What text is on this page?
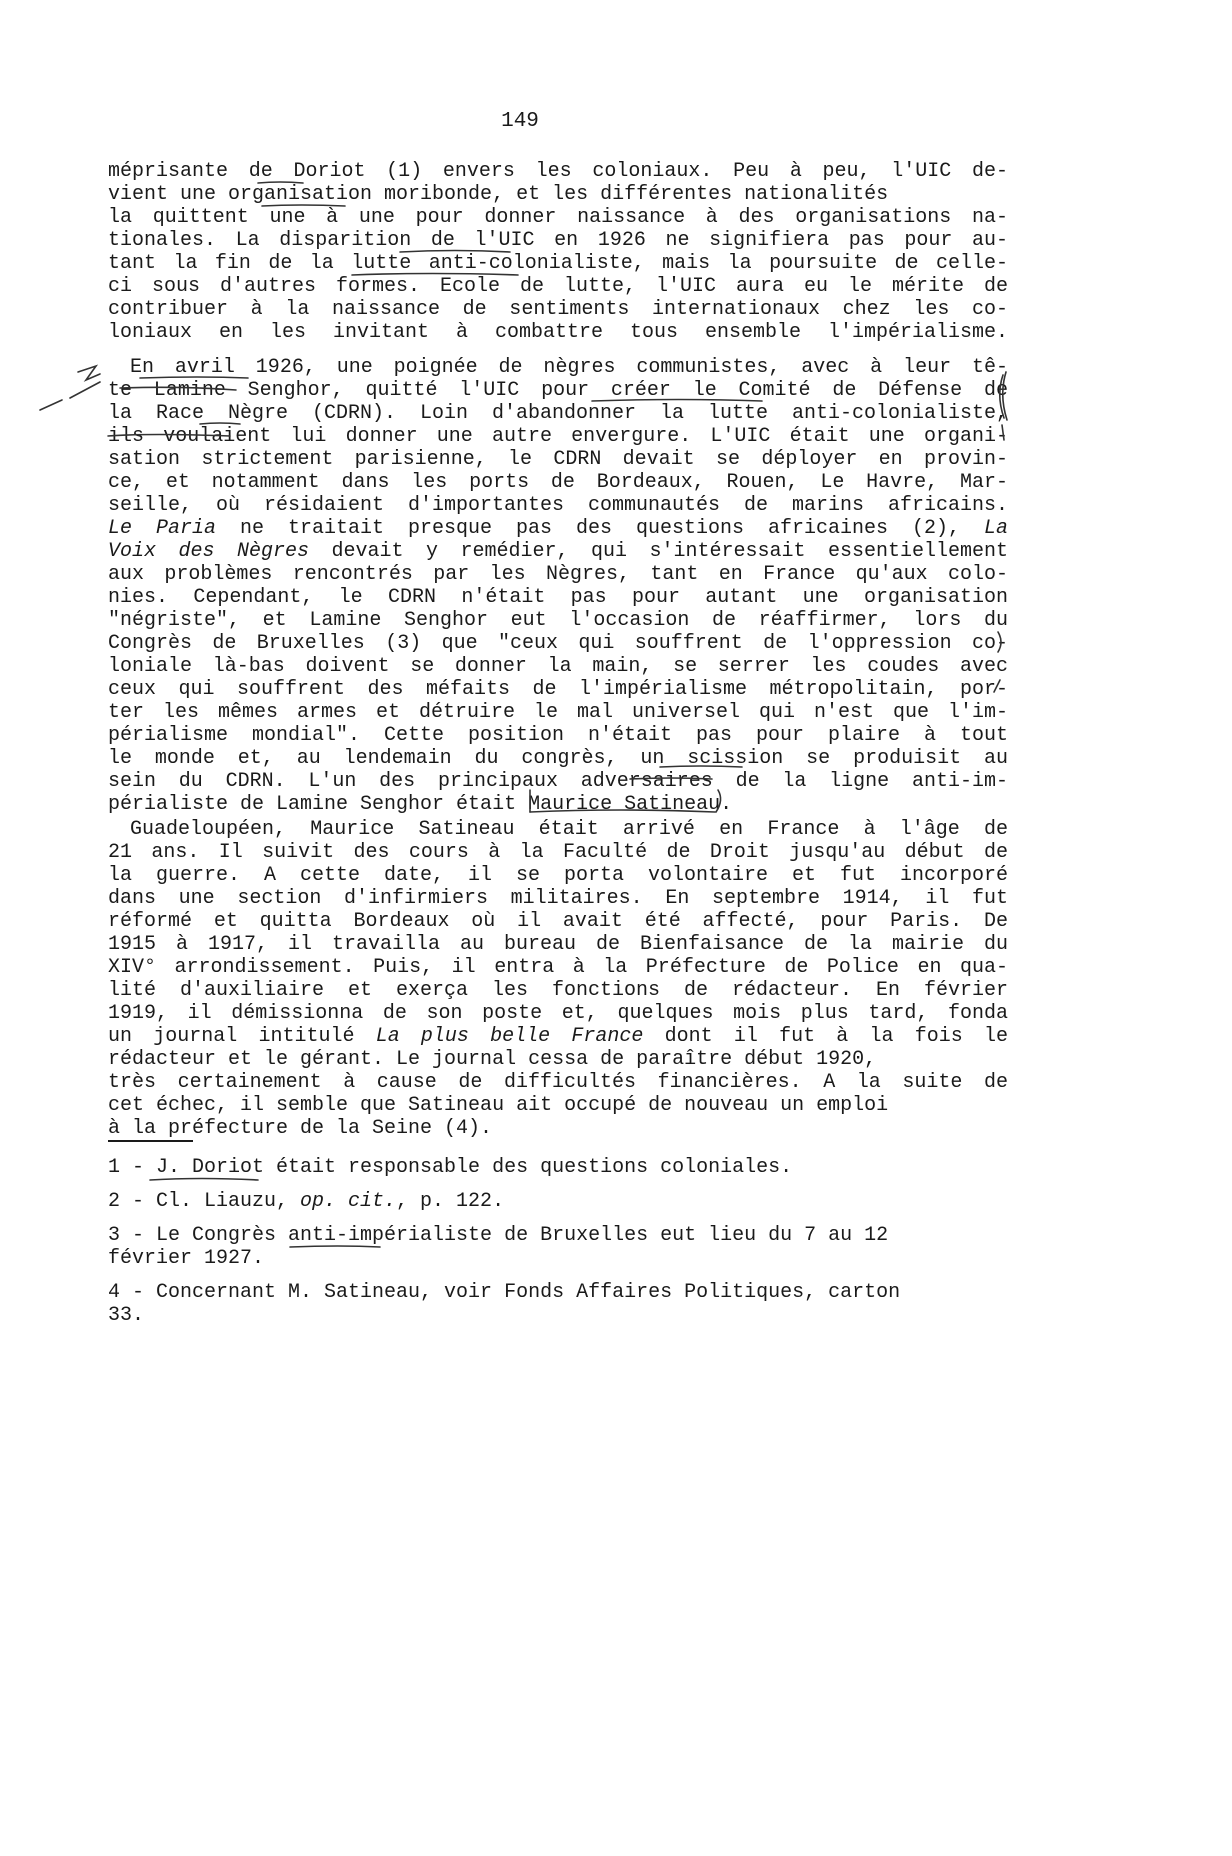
149
méprisante de Doriot (1) envers les coloniaux. Peu à peu, l'UIC de-
vient une organisation moribonde, et les différentes nationalités
la quittent une à une pour donner naissance à des organisations na-
tionales. La disparition de l'UIC en 1926 ne signifiera pas pour au-
tant la fin de la lutte anti-colonialiste, mais la poursuite de celle-
ci sous d'autres formes. Ecole de lutte, l'UIC aura eu le mérite de
contribuer à la naissance de sentiments internationaux chez les co-
loniaux en les invitant à combattre tous ensemble l'impérialisme.
En avril 1926, une poignée de nègres communistes, avec à leur tê-
te Lamine Senghor, quitté l'UIC pour créer le Comité de Défense de
la Race Nègre (CDRN). Loin d'abandonner la lutte anti-colonialiste,
ils voulaient lui donner une autre envergure. L'UIC était une organi-
sation strictement parisienne, le CDRN devait se déployer en provin-
ce, et notamment dans les ports de Bordeaux, Rouen, Le Havre, Mar-
seille, où résidaient d'importantes communautés de marins africains.
Le Paria ne traitait presque pas des questions africaines (2), La
Voix des Nègres devait y remédier, qui s'intéressait essentiellement
aux problèmes rencontrés par les Nègres, tant en France qu'aux colo-
nies. Cependant, le CDRN n'était pas pour autant une organisation
"négriste", et Lamine Senghor eut l'occasion de réaffirmer, lors du
Congrès de Bruxelles (3) que "ceux qui souffrent de l'oppression co-
loniale là-bas doivent se donner la main, se serrer les coudes avec
ceux qui souffrent des méfaits de l'impérialisme métropolitain, por-
ter les mêmes armes et détruire le mal universel qui n'est que l'im-
périalisme mondial". Cette position n'était pas pour plaire à tout
le monde et, au lendemain du congrès, un scission se produisit au
sein du CDRN. L'un des principaux adversaires de la ligne anti-im-
périaliste de Lamine Senghor était Maurice Satineau.
Guadeloupéen, Maurice Satineau était arrivé en France à l'âge de
21 ans. Il suivit des cours à la Faculté de Droit jusqu'au début de
la guerre. A cette date, il se porta volontaire et fut incorporé
dans une section d'infirmiers militaires. En septembre 1914, il fut
réformé et quitta Bordeaux où il avait été affecté, pour Paris. De
1915 à 1917, il travailla au bureau de Bienfaisance de la mairie du
XIV° arrondissement. Puis, il entra à la Préfecture de Police en qua-
lité d'auxiliaire et exerça les fonctions de rédacteur. En février
1919, il démissionna de son poste et, quelques mois plus tard, fonda
un journal intitulé La plus belle France dont il fut à la fois le
rédacteur et le gérant. Le journal cessa de paraître début 1920,
très certainement à cause de difficultés financières. A la suite de
cet échec, il semble que Satineau ait occupé de nouveau un emploi
à la préfecture de la Seine (4).
1 - J. Doriot était responsable des questions coloniales.
2 - Cl. Liauzu, op. cit., p. 122.
3 - Le Congrès anti-impérialiste de Bruxelles eut lieu du 7 au 12
février 1927.
4 - Concernant M. Satineau, voir Fonds Affaires Politiques, carton
33.
